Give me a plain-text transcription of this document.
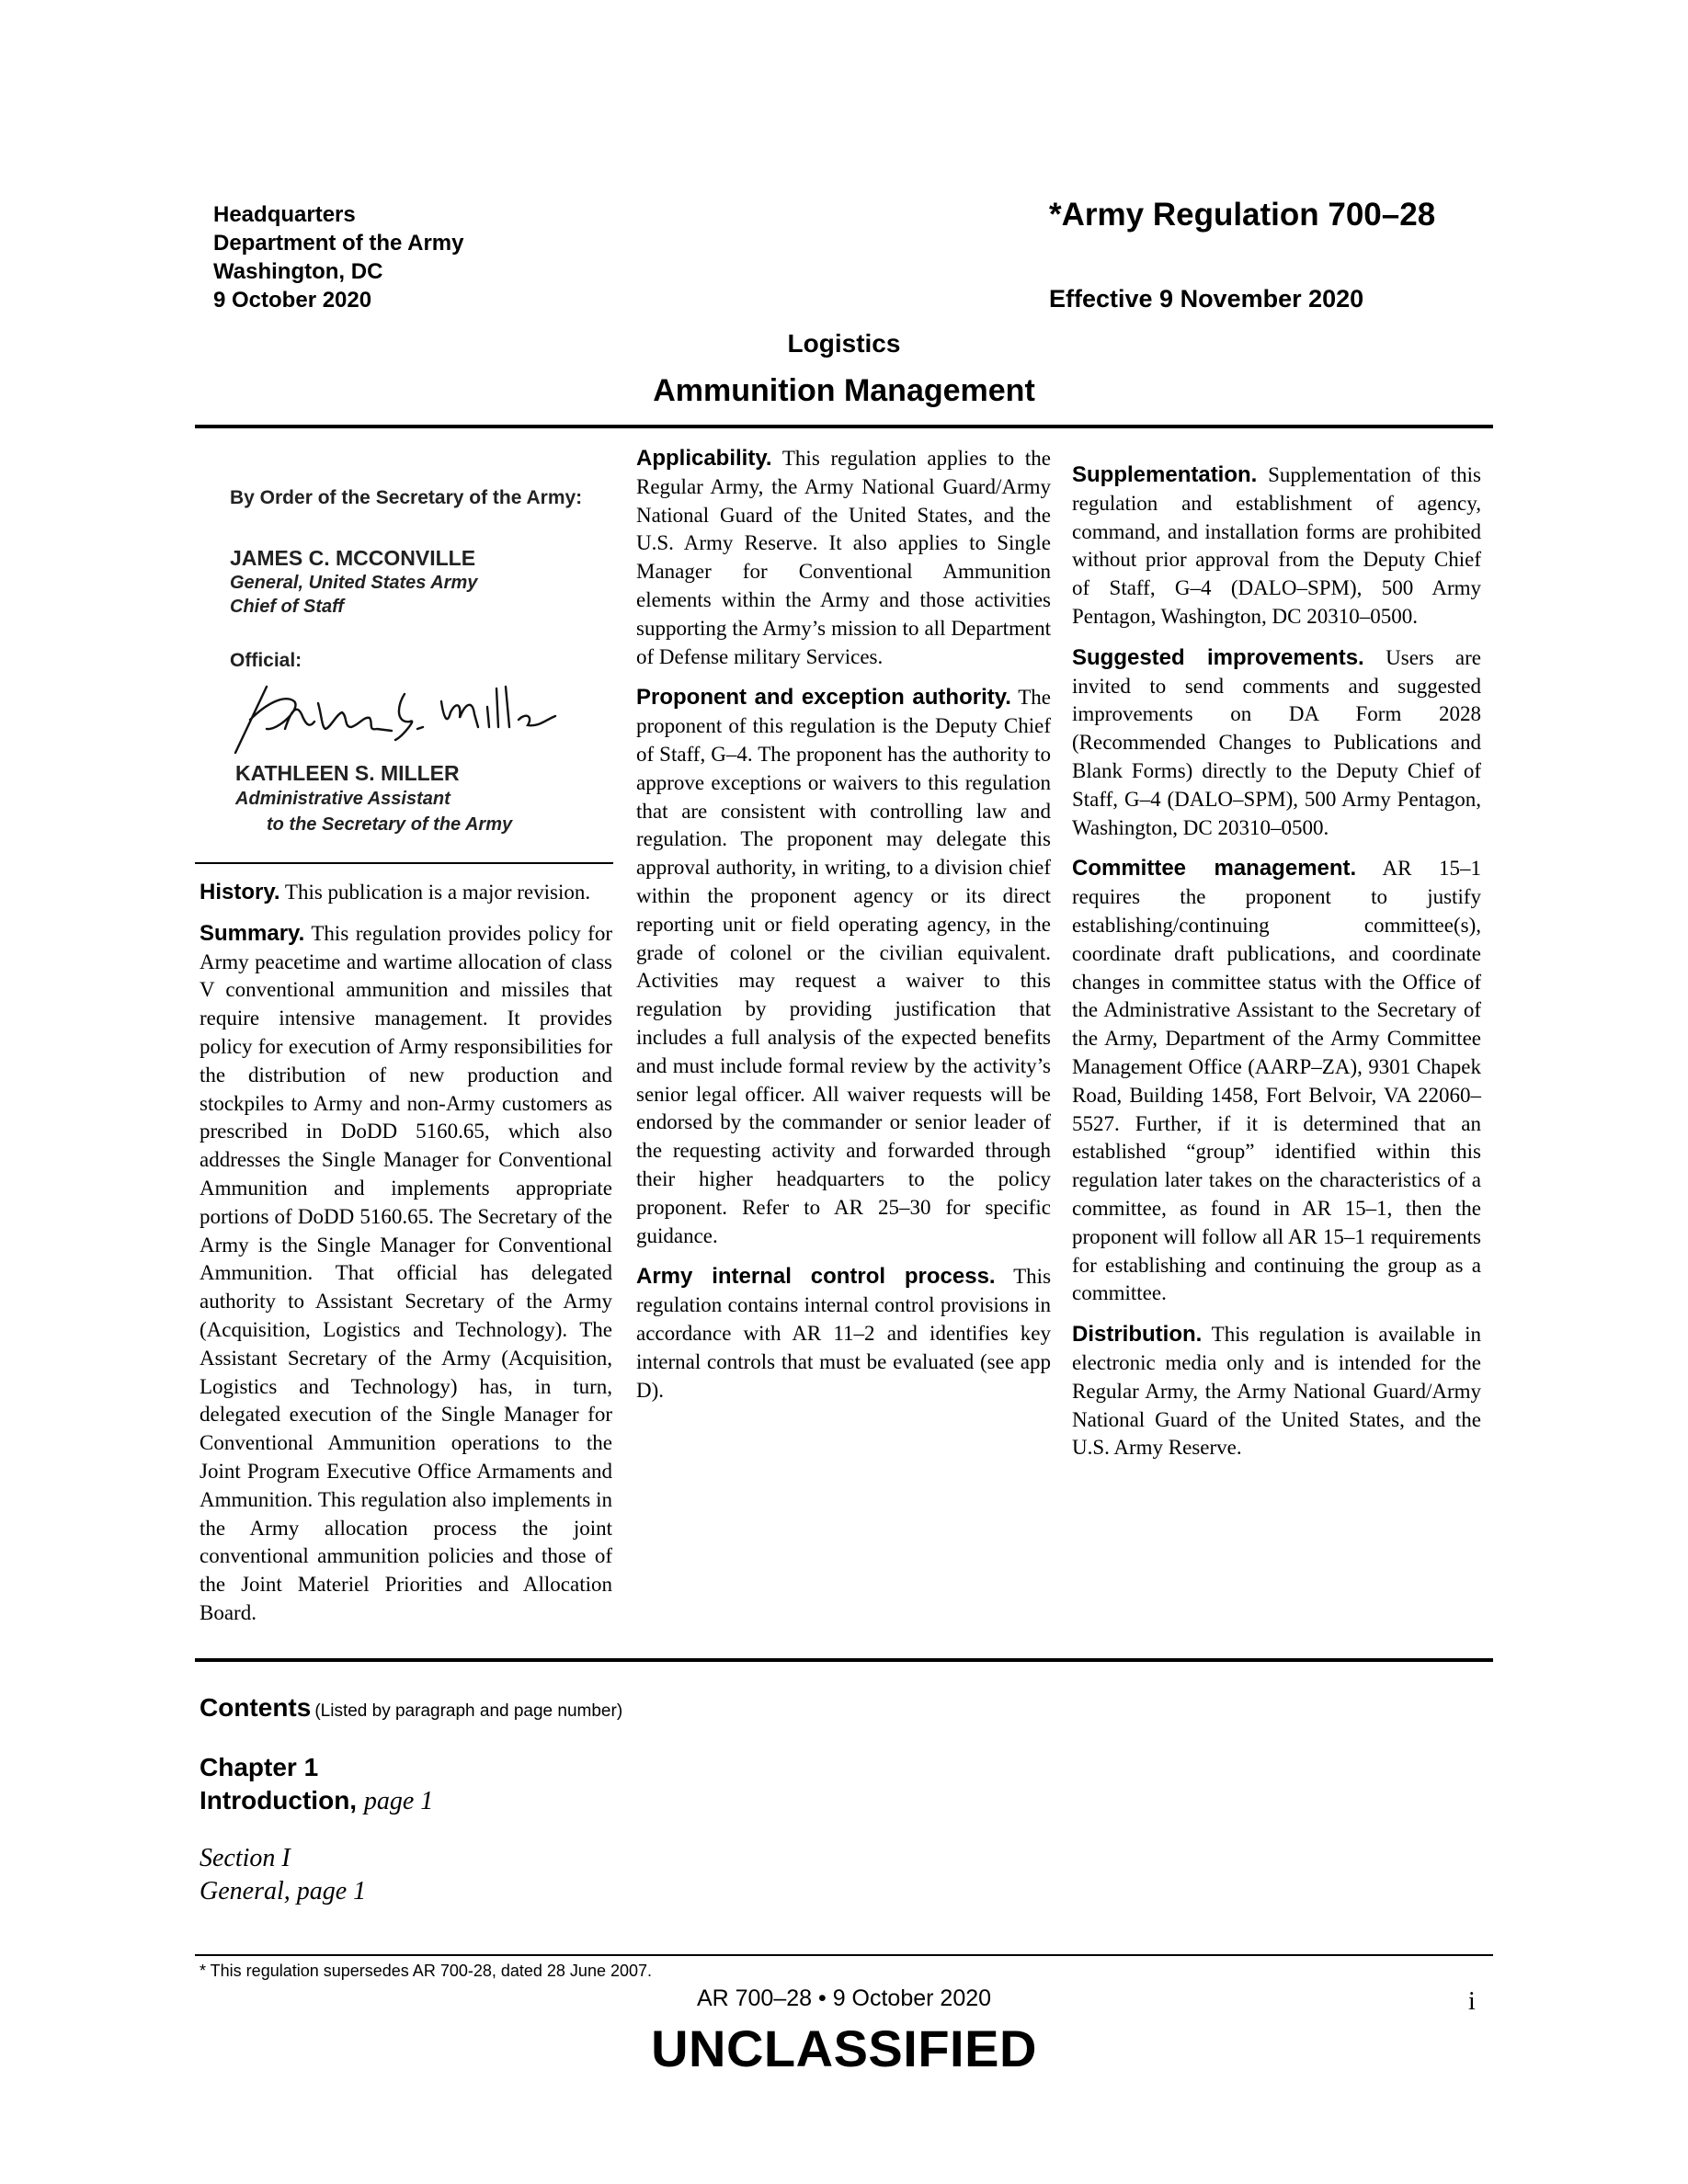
Headquarters
Department of the Army
Washington, DC
9 October 2020
*Army Regulation 700–28
Effective 9 November 2020
Logistics
Ammunition Management
By Order of the Secretary of the Army:
JAMES C. MCCONVILLE
General, United States Army
Chief of Staff
Official:
KATHLEEN S. MILLER
Administrative Assistant
to the Secretary of the Army

History. This publication is a major revision.

Summary. This regulation provides policy for Army peacetime and wartime allocation of class V conventional ammunition and missiles that require intensive management. It provides policy for execution of Army responsibilities for the distribution of new production and stockpiles to Army and non-Army customers as prescribed in DoDD 5160.65, which also addresses the Single Manager for Conventional Ammunition and implements appropriate portions of DoDD 5160.65. The Secretary of the Army is the Single Manager for Conventional Ammunition. That official has delegated authority to Assistant Secretary of the Army (Acquisition, Logistics and Technology). The Assistant Secretary of the Army (Acquisition, Logistics and Technology) has, in turn, delegated execution of the Single Manager for Conventional Ammunition operations to the Joint Program Executive Office Armaments and Ammunition. This regulation also implements in the Army allocation process the joint conventional ammunition policies and those of the Joint Materiel Priorities and Allocation Board.

Applicability. This regulation applies to the Regular Army, the Army National Guard/Army National Guard of the United States, and the U.S. Army Reserve. It also applies to Single Manager for Conventional Ammunition elements within the Army and those activities supporting the Army’s mission to all Department of Defense military Services.

Proponent and exception authority. The proponent of this regulation is the Deputy Chief of Staff, G–4. The proponent has the authority to approve exceptions or waivers to this regulation that are consistent with controlling law and regulation. The proponent may delegate this approval authority, in writing, to a division chief within the proponent agency or its direct reporting unit or field operating agency, in the grade of colonel or the civilian equivalent. Activities may request a waiver to this regulation by providing justification that includes a full analysis of the expected benefits and must include formal review by the activity’s senior legal officer. All waiver requests will be endorsed by the commander or senior leader of the requesting activity and forwarded through their higher headquarters to the policy proponent. Refer to AR 25–30 for specific guidance.

Army internal control process. This regulation contains internal control provisions in accordance with AR 11–2 and identifies key internal controls that must be evaluated (see app D).

Supplementation. Supplementation of this regulation and establishment of agency, command, and installation forms are prohibited without prior approval from the Deputy Chief of Staff, G–4 (DALO–SPM), 500 Army Pentagon, Washington, DC 20310–0500.

Suggested improvements. Users are invited to send comments and suggested improvements on DA Form 2028 (Recommended Changes to Publications and Blank Forms) directly to the Deputy Chief of Staff, G–4 (DALO–SPM), 500 Army Pentagon, Washington, DC 20310–0500.

Committee management. AR 15–1 requires the proponent to justify establishing/continuing committee(s), coordinate draft publications, and coordinate changes in committee status with the Office of the Administrative Assistant to the Secretary of the Army, Department of the Army Committee Management Office (AARP–ZA), 9301 Chapek Road, Building 1458, Fort Belvoir, VA 22060–5527. Further, if it is determined that an established “group” identified within this regulation later takes on the characteristics of a committee, as found in AR 15–1, then the proponent will follow all AR 15–1 requirements for establishing and continuing the group as a committee.

Distribution. This regulation is available in electronic media only and is intended for the Regular Army, the Army National Guard/Army National Guard of the United States, and the U.S. Army Reserve.

Contents (Listed by paragraph and page number)
Chapter 1
Introduction, page 1
Section I
General, page 1
* This regulation supersedes AR 700-28, dated 28 June 2007.
AR 700–28 • 9 October 2020	i
UNCLASSIFIED
